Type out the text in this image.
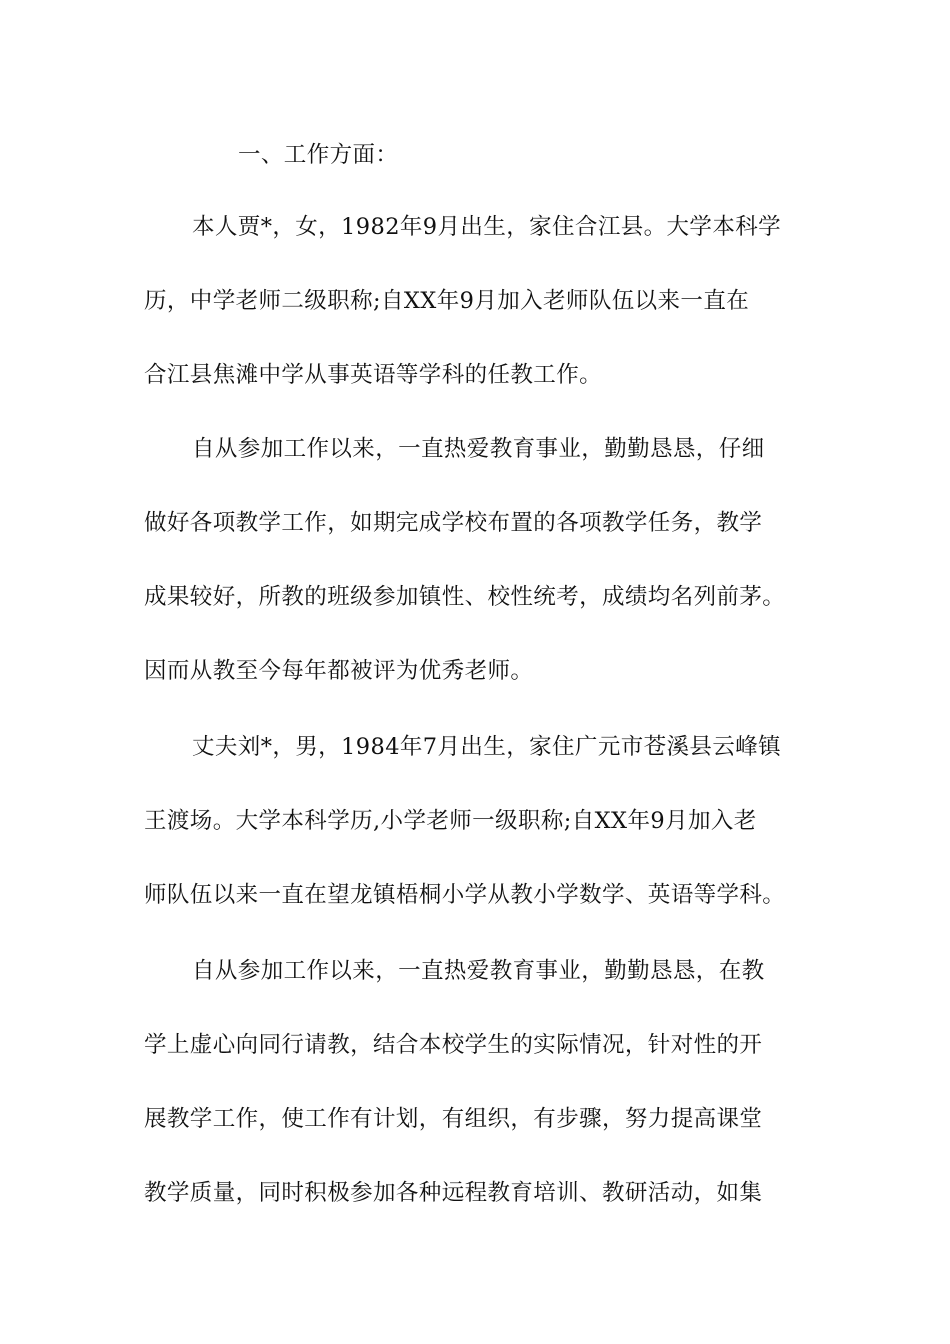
一、工作方面：
本人贾*，女，1982年9月出生，家住合江县。大学本科学
历，中学老师二级职称;自XX年9月加入老师队伍以来一直在
合江县焦滩中学从事英语等学科的任教工作。
自从参加工作以来，一直热爱教育事业，勤勤恳恳，仔细
做好各项教学工作，如期完成学校布置的各项教学任务，教学
成果较好，所教的班级参加镇性、校性统考，成绩均名列前茅。
因而从教至今每年都被评为优秀老师。
丈夫刘*，男，1984年7月出生，家住广元市苍溪县云峰镇
王渡场。大学本科学历,小学老师一级职称;自XX年9月加入老
师队伍以来一直在望龙镇梧桐小学从教小学数学、英语等学科。
自从参加工作以来，一直热爱教育事业，勤勤恳恳，在教
学上虚心向同行请教，结合本校学生的实际情况，针对性的开
展教学工作，使工作有计划，有组织，有步骤，努力提高课堂
教学质量，同时积极参加各种远程教育培训、教研活动，如集
